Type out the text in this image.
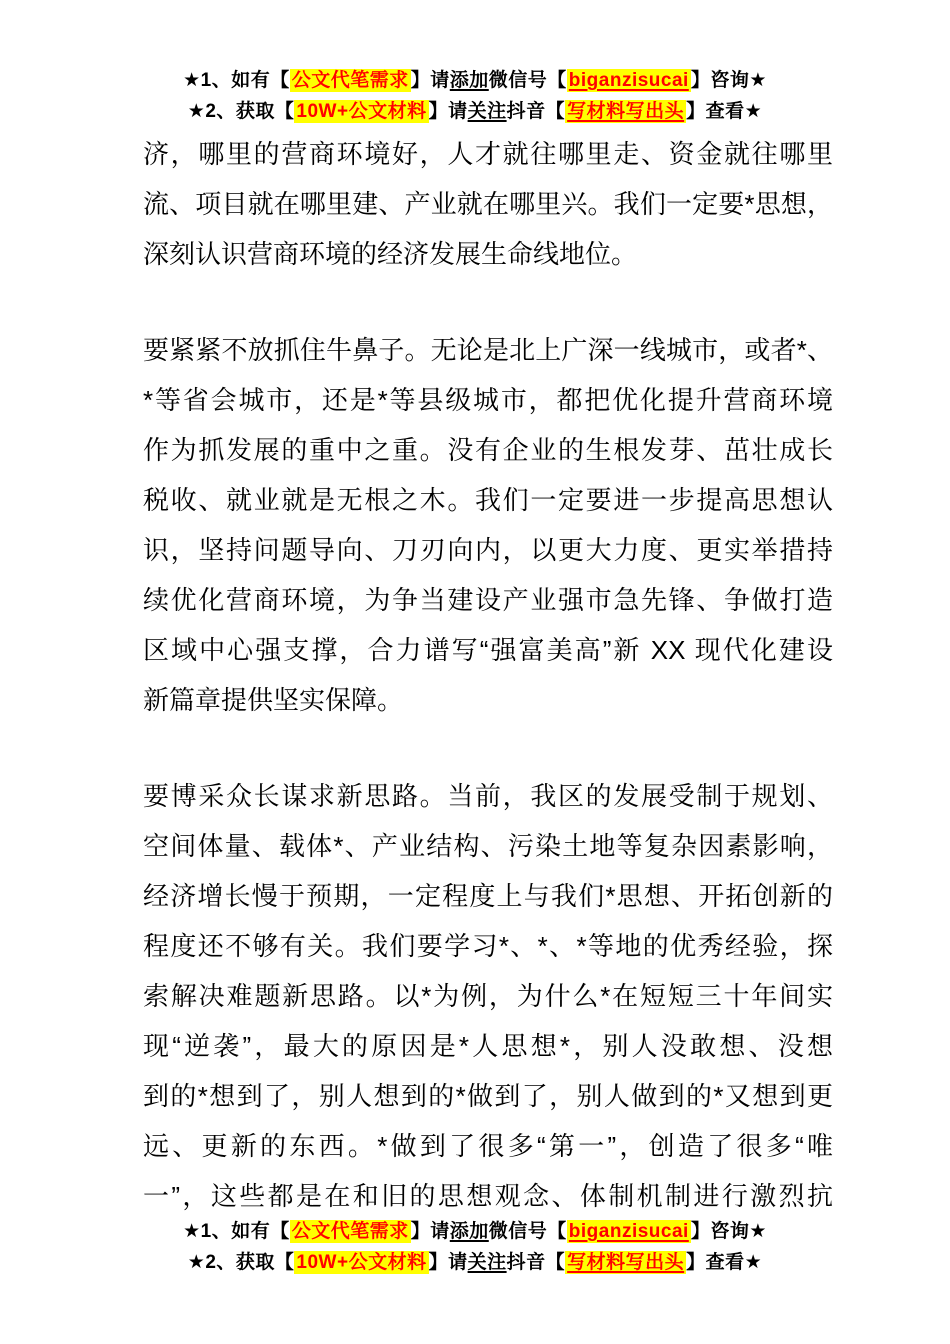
★1、如有【 公文代笔需求 】请添加微信号【 biganzisucai 】咨询★
★2、获取【 10W+公文材料 】请关注抖音【 写材料写出头 】查看★
济，哪里的营商环境好，人才就往哪里走、资金就往哪里
流、项目就在哪里建、产业就在哪里兴。我们一定要*思想，
深刻认识营商环境的经济发展生命线地位。
要紧紧不放抓住牛鼻子。无论是北上广深一线城市，或者*、
*等省会城市，还是*等县级城市，都把优化提升营商环境
作为抓发展的重中之重。没有企业的生根发芽、茁壮成长
税收、就业就是无根之木。我们一定要进一步提高思想认
识，坚持问题导向、刀刃向内，以更大力度、更实举措持
续优化营商环境，为争当建设产业强市急先锋、争做打造
区域中心强支撑，合力谱写“强富美高”新 XX 现代化建设
新篇章提供坚实保障。
要博采众长谋求新思路。当前，我区的发展受制于规划、
空间体量、载体*、产业结构、污染土地等复杂因素影响，
经济增长慢于预期，一定程度上与我们*思想、开拓创新的
程度还不够有关。我们要学习*、*、*等地的优秀经验，探
索解决难题新思路。以*为例，为什么*在短短三十年间实
现“逆袭”，最大的原因是*人思想*，别人没敢想、没想
到的*想到了，别人想到的*做到了，别人做到的*又想到更
远、更新的东西。*做到了很多“第一”，创造了很多“唯
一”，这些都是在和旧的思想观念、体制机制进行激烈抗
★1、如有【 公文代笔需求 】请添加微信号【 biganzisucai 】咨询★
★2、获取【 10W+公文材料 】请关注抖音【 写材料写出头 】查看★
